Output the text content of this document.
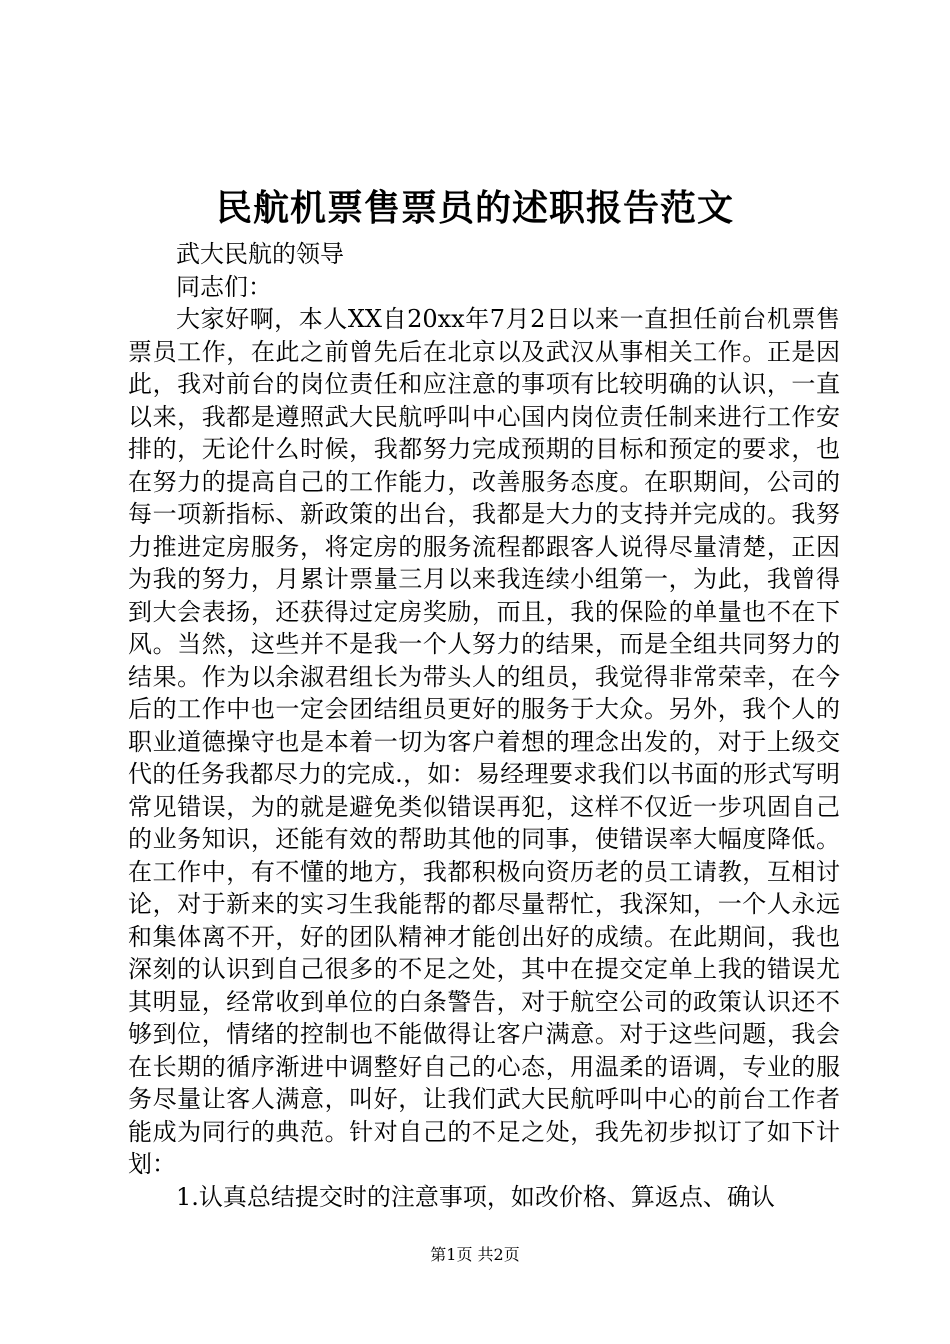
民航机票售票员的述职报告范文

武大民航的领导

同志们：

大家好啊，本人XX自20xx年7月2日以来一直担任前台机票售票员工作，在此之前曾先后在北京以及武汉从事相关工作。正是因此，我对前台的岗位责任和应注意的事项有比较明确的认识，一直以来，我都是遵照武大民航呼叫中心国内岗位责任制来进行工作安排的，无论什么时候，我都努力完成预期的目标和预定的要求，也在努力的提高自己的工作能力，改善服务态度。在职期间，公司的每一项新指标、新政策的出台，我都是大力的支持并完成的。我努力推进定房服务，将定房的服务流程都跟客人说得尽量清楚，正因为我的努力，月累计票量三月以来我连续小组第一，为此，我曾得到大会表扬，还获得过定房奖励，而且，我的保险的单量也不在下风。当然，这些并不是我一个人努力的结果，而是全组共同努力的结果。作为以余淑君组长为带头人的组员，我觉得非常荣幸，在今后的工作中也一定会团结组员更好的服务于大众。另外，我个人的职业道德操守也是本着一切为客户着想的理念出发的，对于上级交代的任务我都尽力的完成.，如：易经理要求我们以书面的形式写明常见错误，为的就是避免类似错误再犯，这样不仅近一步巩固自己的业务知识，还能有效的帮助其他的同事，使错误率大幅度降低。在工作中，有不懂的地方，我都积极向资历老的员工请教，互相讨论，对于新来的实习生我能帮的都尽量帮忙，我深知，一个人永远和集体离不开，好的团队精神才能创出好的成绩。在此期间，我也深刻的认识到自己很多的不足之处，其中在提交定单上我的错误尤其明显，经常收到单位的白条警告，对于航空公司的政策认识还不够到位，情绪的控制也不能做得让客户满意。对于这些问题，我会在长期的循序渐进中调整好自己的心态，用温柔的语调，专业的服务尽量让客人满意，叫好，让我们武大民航呼叫中心的前台工作者能成为同行的典范。针对自己的不足之处，我先初步拟订了如下计划：

1.认真总结提交时的注意事项，如改价格、算返点、确认

第1页 共2页
